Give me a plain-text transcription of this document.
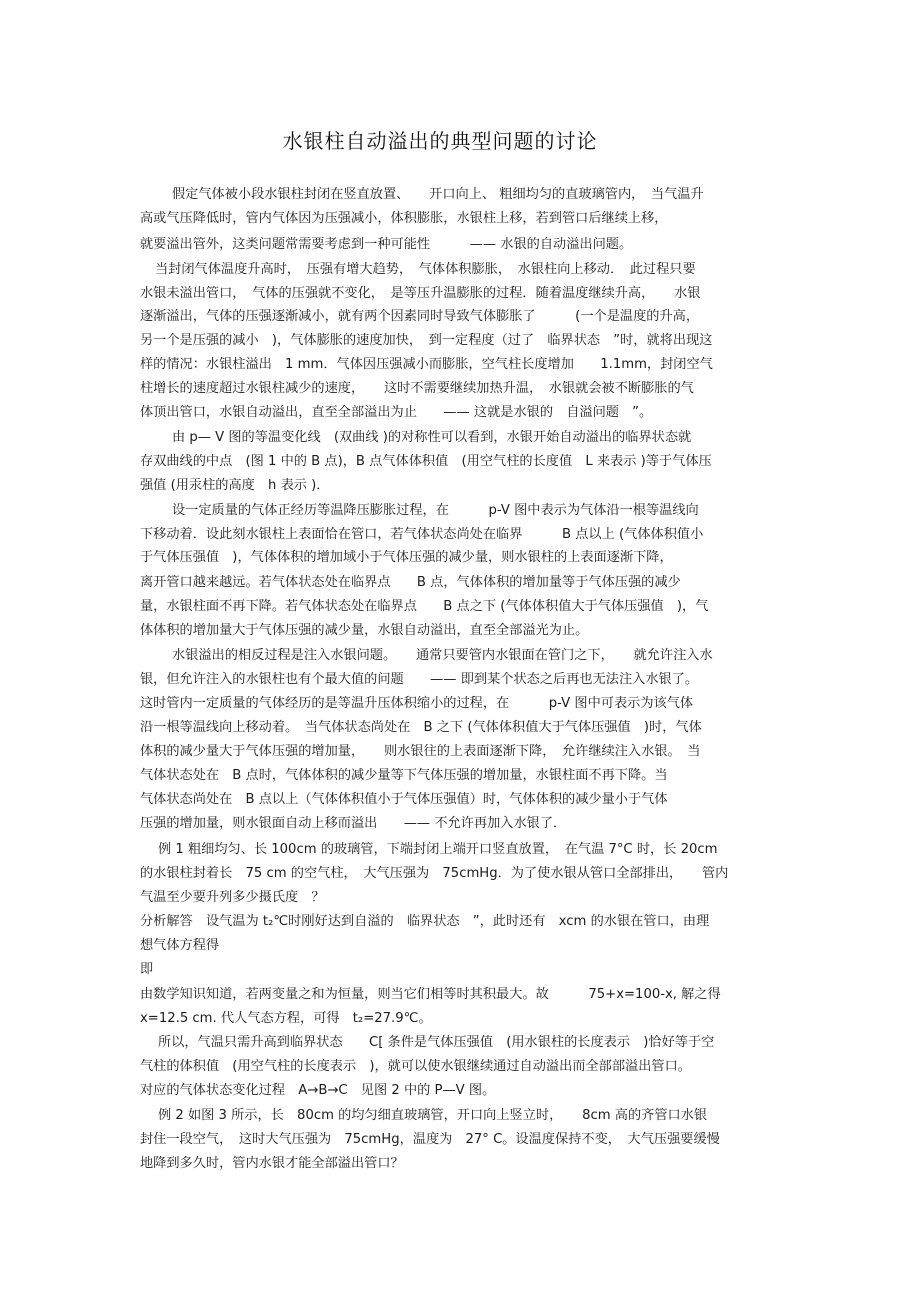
水银柱自动溢出的典型问题的讨论
假定气体被小段水银柱封闭在竖直放置、　　开口向上、 粗细均匀的直玻璃管内，　当气温升
高或气压降低时，管内气体因为压强减小，体积膨胀，水银柱上移，若到管口后继续上移，
就要溢出管外，这类问题常需要考虑到一种可能性　　　—— 水银的自动溢出问题。
当封闭气体温度升高时，　压强有增大趋势，　气体体积膨胀，　水银柱向上移动．　此过程只要
水银未溢出管口，　气体的压强就不变化，　是等压升温膨胀的过程．随着温度继续升高，　　水银
逐渐溢出，气体的压强逐渐减小，就有两个因素同时导致气体膨胀了　　　(一个是温度的升高，
另一个是压强的减小　)，气体膨胀的速度加快，　到一定程度（过了　临界状态　”时，就将出现这
样的情况：水银柱溢出　1 mm．气体因压强减小而膨胀，空气柱长度增加　　1.1mm，封闭空气
柱增长的速度超过水银柱减少的速度，　　这时不需要继续加热升温，　水银就会被不断膨胀的气
体顶出管口，水银自动溢出，直至全部溢出为止　　—— 这就是水银的　自溢问题　”。
由 p— V 图的等温变化线　(双曲线 )的对称性可以看到，水银开始自动溢出的临界状态就
存双曲线的中点　(图 1 中的 B 点)，B 点气体体积值　(用空气柱的长度值　L 来表示 )等于气体压
强值 (用汞柱的高度　h 表示 )．
设一定质量的气体正经历等温降压膨胀过程，在　　　p-V 图中表示为气体沿一根等温线向
下移动着．设此刻水银柱上表面恰在管口，若气体状态尚处在临界　　　B 点以上 (气体体积值小
于气体压强值　)，气体体积的增加域小于气体压强的减少量，则水银柱的上表面逐渐下降，
离开管口越来越远。若气体状态处在临界点　　B 点，气体体积的增加量等于气体压强的减少
量，水银柱面不再下降。若气体状态处在临界点　　B 点之下 (气体体积值大于气体压强值　)，气
体体积的增加量大于气体压强的减少量，水银自动溢出，直至全部溢光为止。
水银溢出的相反过程是注入水银问题。　　通常只要管内水银面在管门之下，　　就允许注入水
银，但允许注入的水银柱也有个最大值的问题　　—— 即到某个状态之后再也无法注入水银了。
这时管内一定质量的气体经历的是等温升压体积缩小的过程，在　　　p-V 图中可表示为该气体
沿一根等温线向上移动着。　当气体状态尚处在　B 之下 (气体体积值大于气体压强值　)时，气体
体积的减少量大于气体压强的增加量，　　则水银往的上表面逐渐下降，　允许继续注入水银。　当
气体状态处在　B 点时，气体体积的减少量等下气体压强的增加量，水银柱面不再下降。当
气体状态尚处在　B 点以上（气体体积值小于气体压强值）时，气体体积的减少量小于气体
压强的增加量，则水银面自动上移而溢出　　—— 不允许再加入水银了．
例 1 粗细均匀、长 100cm 的玻璃管，下端封闭上端开口竖直放置，　在气温 7°C 时，长 20cm
的水银柱封着长　75 cm 的空气柱，　大气压强为　75cmHg．为了使水银从管口全部排出，　　管内
气温至少要升列多少摄氏度　？
分析解答　设气温为 t₂℃时刚好达到自溢的　临界状态　”，此时还有　xcm 的水银在管口，由理
想气体方程得
即
由数学知识知道，若两变量之和为恒量，则当它们相等时其积最大。故　　　75+x=100-x, 解之得
x=12.5 cm. 代人气态方程，可得　t₂=27.9℃。
所以，气温只需升高到临界状态　　C[ 条件是气体压强值　(用水银柱的长度表示　)恰好等于空
气柱的体积值　(用空气柱的长度表示　)，就可以使水银继续通过自动溢出而全部部溢出管口。
对应的气体状态变化过程　A→B→C　见图 2 中的 P—V 图。
例 2 如图 3 所示，长　80cm 的均匀细直玻璃管，开口向上竖立时，　　8cm 高的齐管口水银
封住一段空气，　这时大气压强为　75cmHg，温度为　27° C。设温度保持不变，　大气压强要缓慢
地降到多久时，管内水银才能全部溢出管口？
